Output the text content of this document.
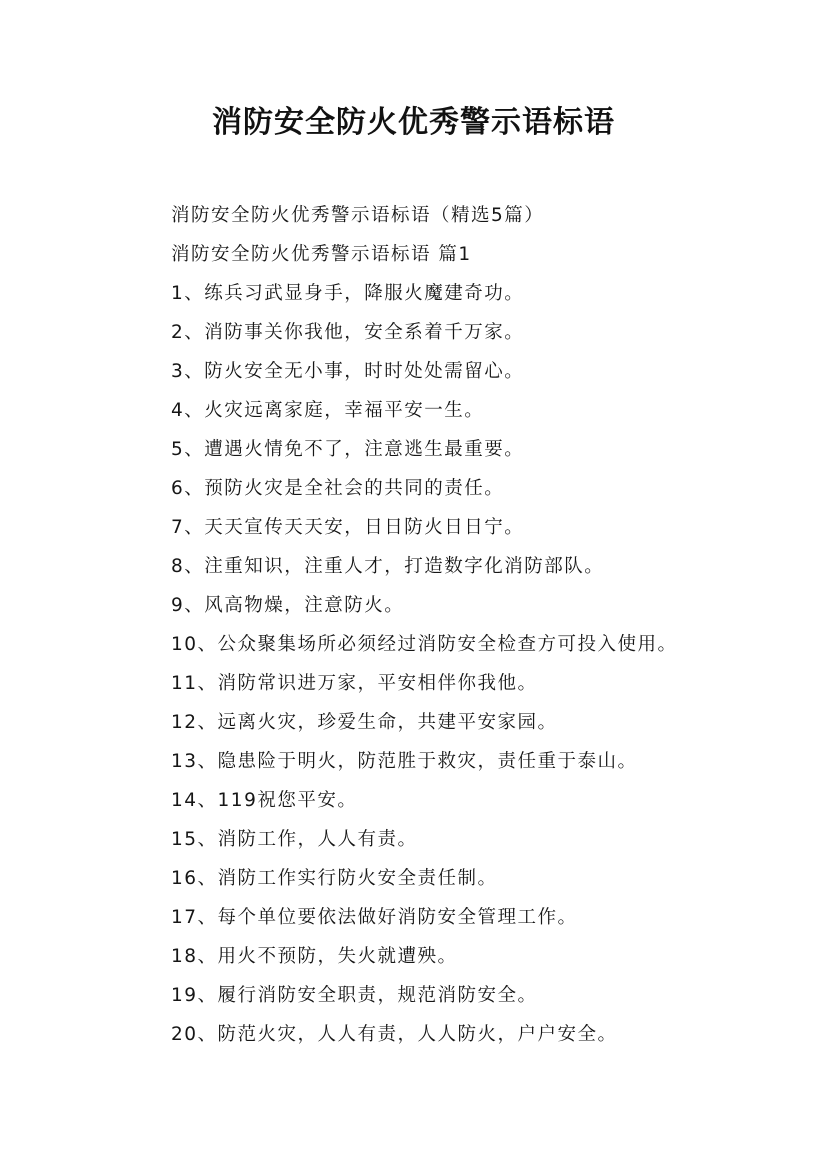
消防安全防火优秀警示语标语
消防安全防火优秀警示语标语（精选5篇）
消防安全防火优秀警示语标语 篇1
1、练兵习武显身手，降服火魔建奇功。
2、消防事关你我他，安全系着千万家。
3、防火安全无小事，时时处处需留心。
4、火灾远离家庭，幸福平安一生。
5、遭遇火情免不了，注意逃生最重要。
6、预防火灾是全社会的共同的责任。
7、天天宣传天天安，日日防火日日宁。
8、注重知识，注重人才，打造数字化消防部队。
9、风高物燥，注意防火。
10、公众聚集场所必须经过消防安全检查方可投入使用。
11、消防常识进万家，平安相伴你我他。
12、远离火灾，珍爱生命，共建平安家园。
13、隐患险于明火，防范胜于救灾，责任重于泰山。
14、119祝您平安。
15、消防工作，人人有责。
16、消防工作实行防火安全责任制。
17、每个单位要依法做好消防安全管理工作。
18、用火不预防，失火就遭殃。
19、履行消防安全职责，规范消防安全。
20、防范火灾，人人有责，人人防火，户户安全。
